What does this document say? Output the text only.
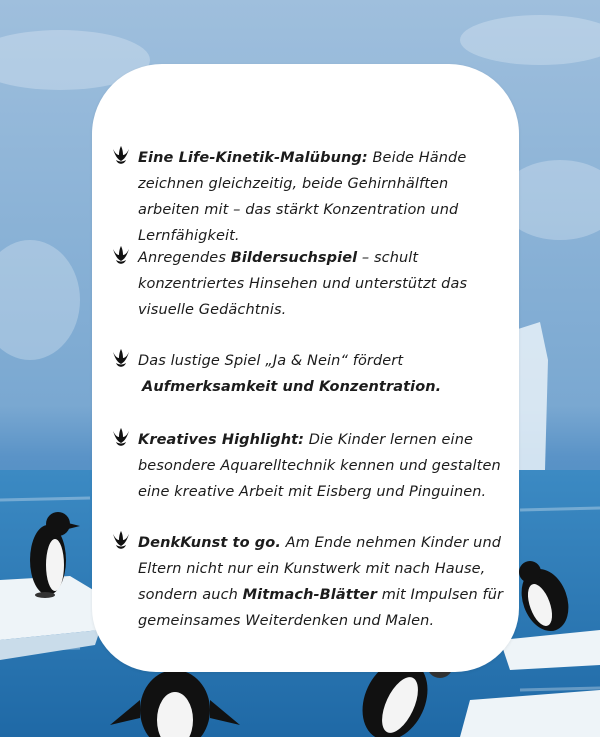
Eine Life-Kinetik-Malübung: Beide Hände zeichnen gleichzeitig, beide Gehirnhälften arbeiten mit – das stärkt Konzentration und Lernfähigkeit.
Anregendes Bildersuchspiel – schult konzentriertes Hinsehen und unterstützt das visuelle Gedächtnis.
Das lustige Spiel „Ja & Nein“ fördert
Aufmerksamkeit und Konzentration.
Kreatives Highlight: Die Kinder lernen eine besondere Aquarelltechnik kennen und gestalten eine kreative Arbeit mit Eisberg und Pinguinen.
DenkKunst to go. Am Ende nehmen Kinder und Eltern nicht nur ein Kunstwerk mit nach Hause, sondern auch Mitmach-Blätter mit Impulsen für gemeinsames Weiterdenken und Malen.
